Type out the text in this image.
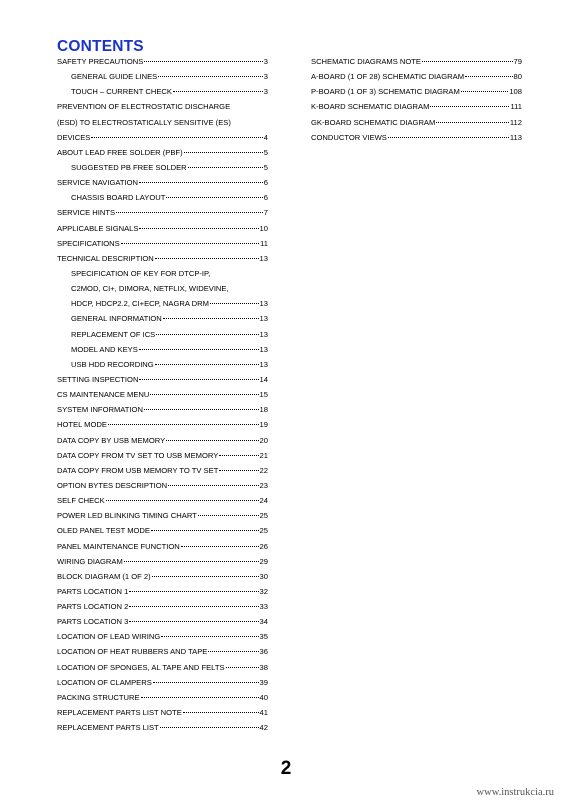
CONTENTS
SAFETY PRECAUTIONS	3
GENERAL GUIDE LINES	3
TOUCH – CURRENT CHECK	3
PREVENTION OF ELECTROSTATIC DISCHARGE
(ESD) TO ELECTROSTATICALLY SENSITIVE (ES)
DEVICES	4
ABOUT LEAD FREE SOLDER (PBF)	5
SUGGESTED PB FREE SOLDER	5
SERVICE NAVIGATION	6
CHASSIS BOARD LAYOUT	6
SERVICE HINTS	7
APPLICABLE SIGNALS	10
SPECIFICATIONS	11
TECHNICAL DESCRIPTION	13
SPECIFICATION OF KEY FOR DTCP-IP,
C2MOD, CI+, DIMORA, NETFLIX, WIDEVINE,
HDCP, HDCP2.2, CI+ECP, NAGRA DRM	13
GENERAL INFORMATION	13
REPLACEMENT OF ICS	13
MODEL AND KEYS	13
USB HDD RECORDING	13
SETTING INSPECTION	14
CS MAINTENANCE MENU	15
SYSTEM INFORMATION	18
HOTEL MODE	19
DATA COPY BY USB MEMORY	20
DATA COPY FROM TV SET TO USB MEMORY	21
DATA COPY FROM USB MEMORY TO TV SET	22
OPTION BYTES DESCRIPTION	23
SELF CHECK	24
POWER LED BLINKING TIMING CHART	25
OLED PANEL TEST MODE	25
PANEL MAINTENANCE FUNCTION	26
WIRING DIAGRAM	29
BLOCK DIAGRAM (1 OF 2)	30
PARTS LOCATION 1	32
PARTS LOCATION 2	33
PARTS LOCATION 3	34
LOCATION OF LEAD WIRING	35
LOCATION OF HEAT RUBBERS AND TAPE	36
LOCATION OF SPONGES, AL TAPE AND FELTS	38
LOCATION OF CLAMPERS	39
PACKING STRUCTURE	40
REPLACEMENT PARTS LIST NOTE	41
REPLACEMENT PARTS LIST	42
SCHEMATIC DIAGRAMS NOTE	79
A-BOARD (1 OF 28) SCHEMATIC DIAGRAM	80
P-BOARD (1 OF 3) SCHEMATIC DIAGRAM	108
K-BOARD SCHEMATIC DIAGRAM	111
GK-BOARD SCHEMATIC DIAGRAM	112
CONDUCTOR VIEWS	113
2
www.instrukcia.ru
